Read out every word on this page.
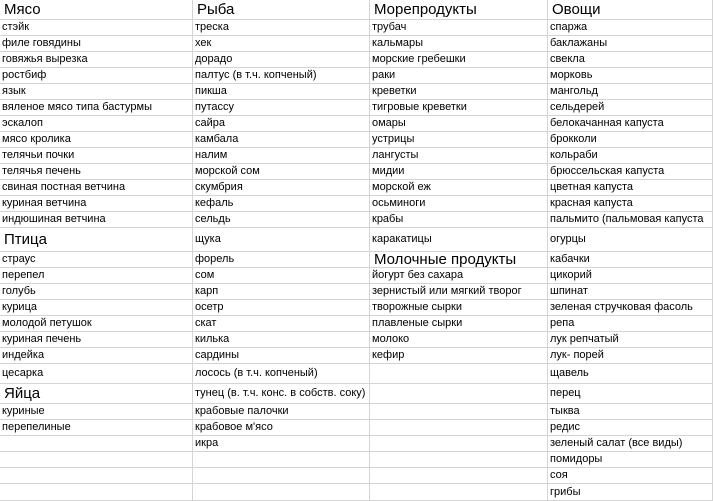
Мясо
стэйк
филе говядины
говяжья вырезка
ростбиф
язык
вяленое мясо типа бастурмы
эскалоп
мясо кролика
телячьи почки
телячья печень
свиная постная ветчина
куриная ветчина
индюшиная ветчина
Птица
страус
перепел
голубь
курица
молодой петушок
куриная печень
индейка
цесарка
Яйца
куриные
перепелиные
Рыба
треска
хек
дорадо
палтус (в т.ч. копченый)
пикша
путассу
сайра
камбала
налим
морской сом
скумбрия
кефаль
сельдь
щука
форель
сом
карп
осетр
скат
килька
сардины
лосось (в т.ч. копченый)
тунец (в. т.ч. конс. в собств. соку)
крабовые палочки
крабовое м'ясо
икра
Морепродукты
трубач
кальмары
морские гребешки
раки
креветки
тигровые креветки
омары
устрицы
лангусты
мидии
морской еж
осьминоги
крабы
каракатицы
Молочные продукты
йогурт без сахара
зернистый или мягкий творог
творожные сырки
плавленые сырки
молоко
кефир
Овощи
спаржа
баклажаны
свекла
морковь
мангольд
сельдерей
белокачанная капуста
брокколи
кольраби
брюссельская капуста
цветная капуста
красная капуста
пальмито (пальмовая капуста
огурцы
кабачки
цикорий
шпинат
зеленая стручковая фасоль
репа
лук репчатый
лук- порей
щавель
перец
тыква
редис
зеленый салат (все виды)
помидоры
соя
грибы
